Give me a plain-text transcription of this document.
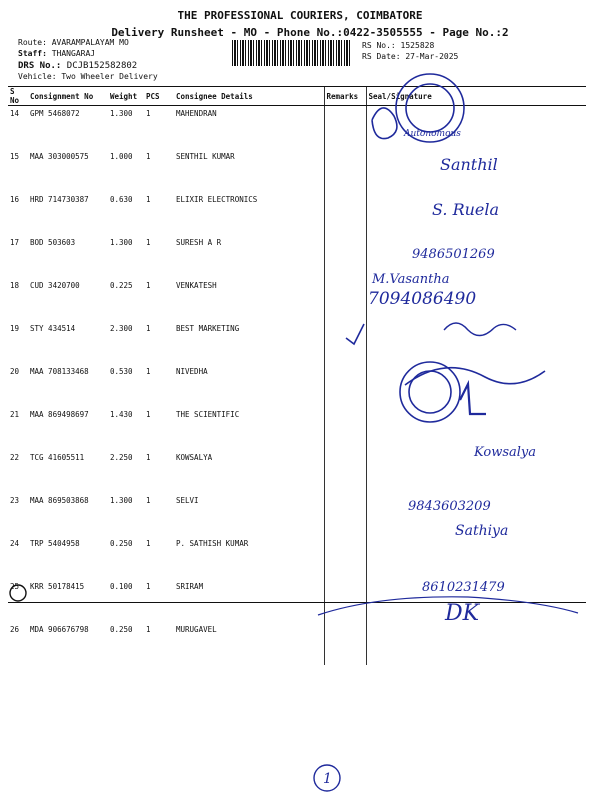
THE PROFESSIONAL COURIERS, COIMBATORE
Delivery Runsheet - MO - Phone No.:0422-3505555 - Page No.:2
Route: AVARAMPALAYAM MO
Staff: THANGARAJ
DRS No.: DCJB152582802
Vehicle: Two Wheeler Delivery
RS No.: 1525828
RS Date: 27-Mar-2025
S No	Consignment No	Weight	PCS	Consignee Details	Remarks	Seal/Signature
14	GPM 5468072	1.300	1	MAHENDRAN		
15	MAA 303000575	1.000	1	SENTHIL KUMAR		
16	HRD 714730387	0.630	1	ELIXIR ELECTRONICS		
17	BOD 503603	1.300	1	SURESH A R		
18	CUD 3420700	0.225	1	VENKATESH		
19	STY 434514	2.300	1	BEST MARKETING		
20	MAA 708133468	0.530	1	NIVEDHA		
21	MAA 869498697	1.430	1	THE SCIENTIFIC		
22	TCG 41605511	2.250	1	KOWSALYA		
23	MAA 869503868	1.300	1	SELVI		
24	TRP 5404958	0.250	1	P. SATHISH KUMAR		
25	KRR 50178415	0.100	1	SRIRAM		
26	MDA 906676798	0.250	1	MURUGAVEL		
Autonomous
Santhil
S. Ruela
9486501269
M.Vasantha
7094086490
Kowsalya
9843603209
Sathiya
8610231479
DK
1
